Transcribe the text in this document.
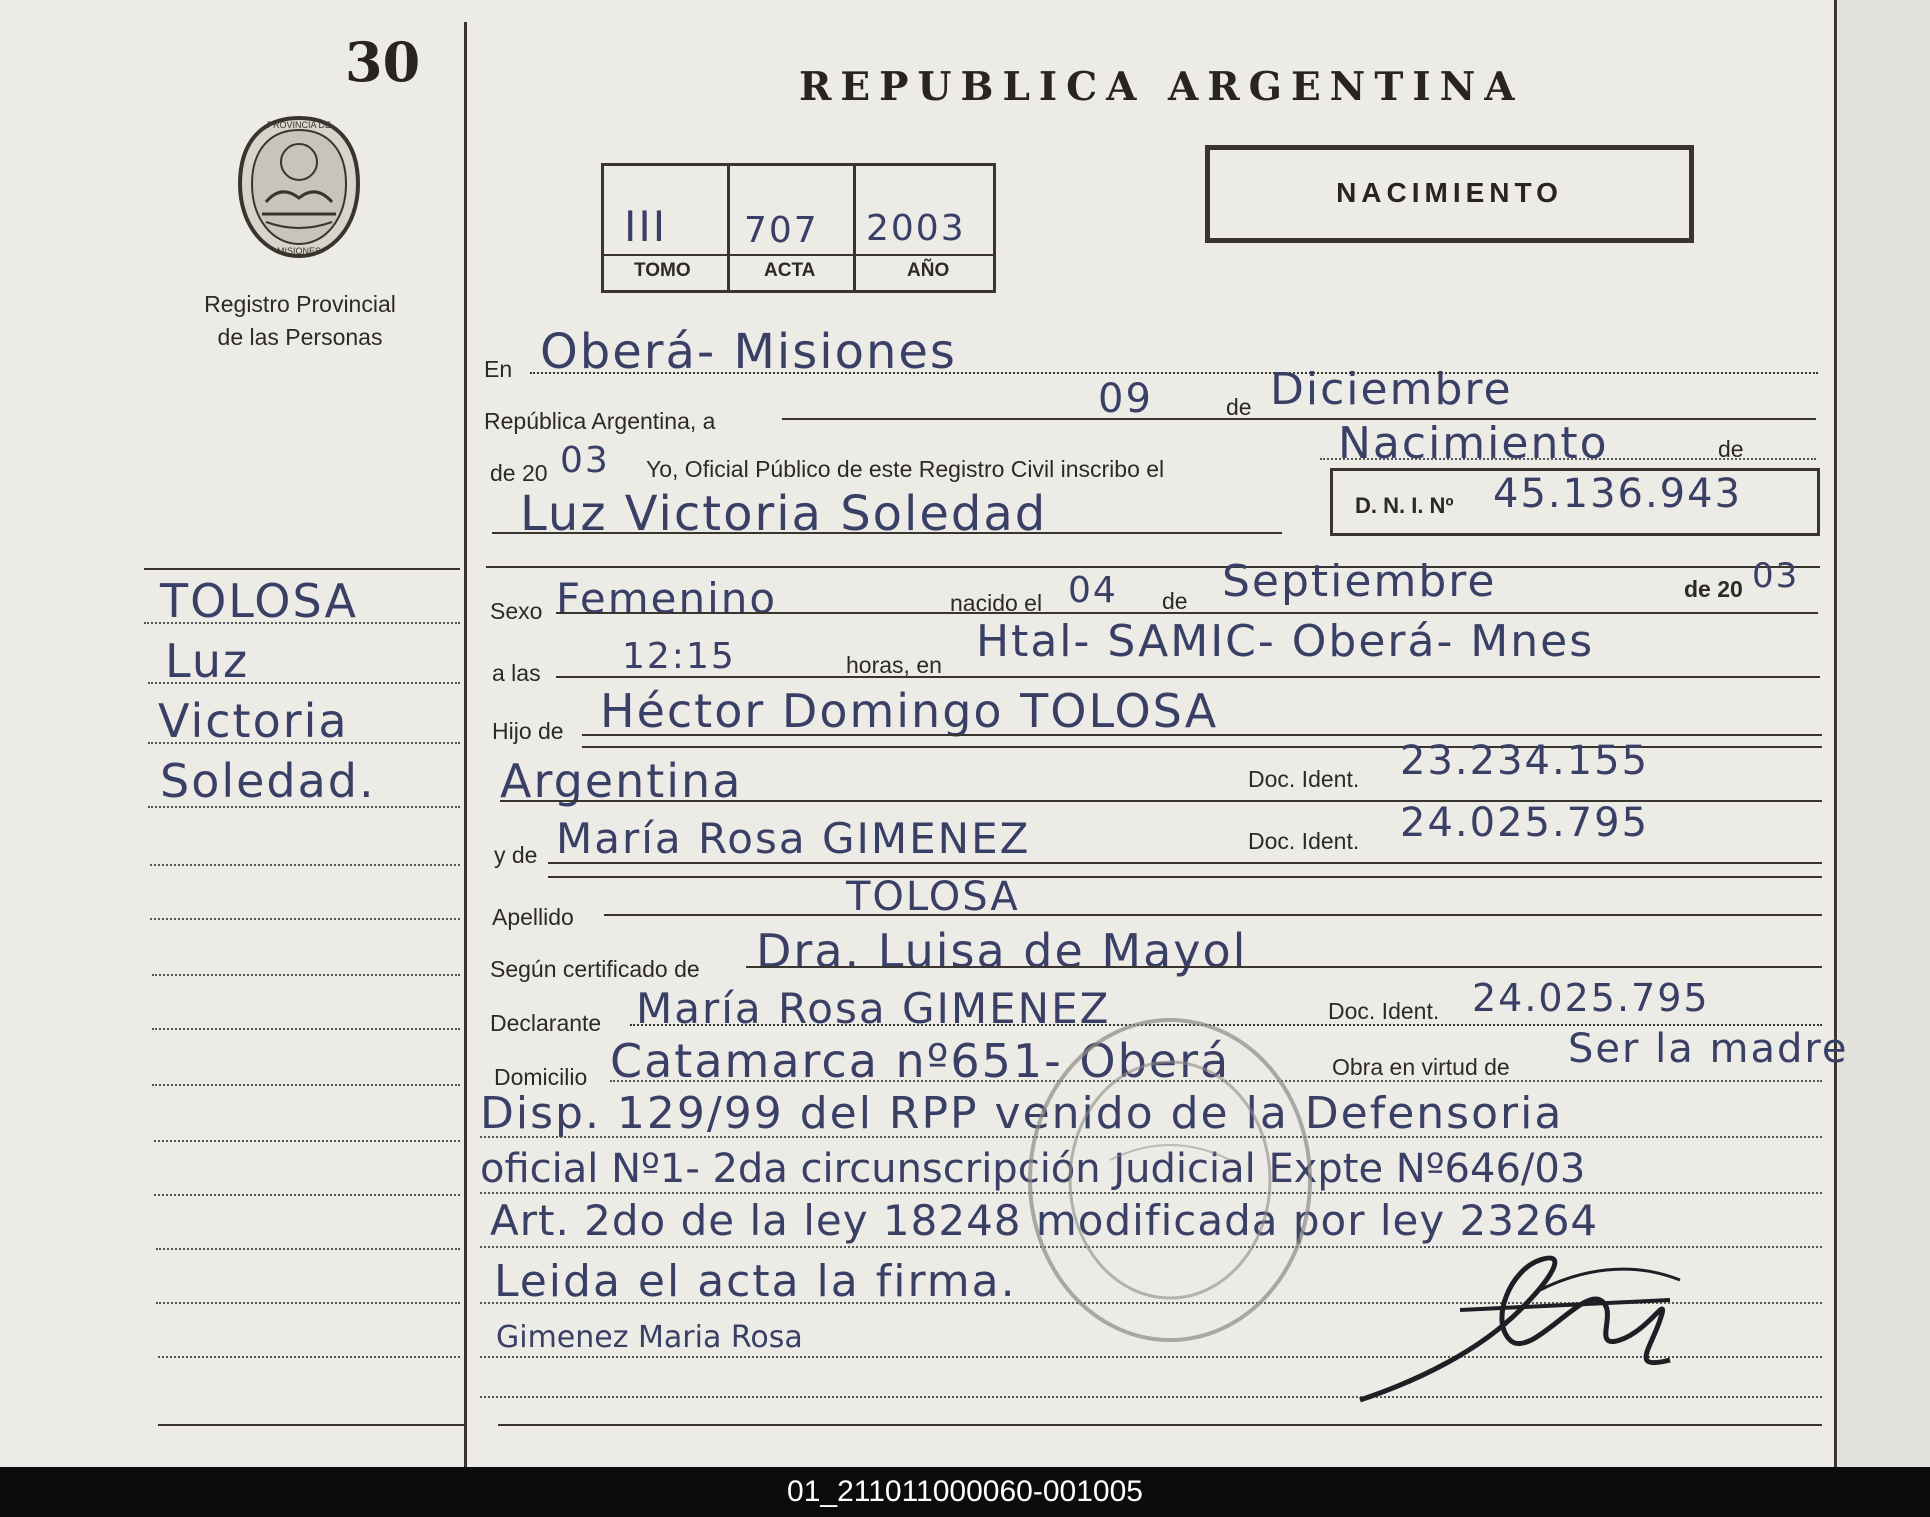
30
PROVINCIA DE
MISIONES
Registro Provincial
de las Personas
TOLOSA
Luz
Victoria
Soledad.
REPUBLICA ARGENTINA
III 707 2003
TOMO	ACTA	AÑO
NACIMIENTO
En Oberá- Misiones
República Argentina, a	09	de Diciembre
de 20 03 Yo, Oficial Público de este Registro Civil inscribo el	Nacimiento	de
Luz Victoria Soledad	D. N. I. Nº 45.136.943
Sexo Femenino	nacido el 04 de Septiembre	de 20 03
a las 12:15	horas, en Htal- SAMIC- Oberá- Mnes
Hijo de Héctor Domingo TOLOSA
Argentina	Doc. Ident. 23.234.155
y de María Rosa GIMENEZ	Doc. Ident. 24.025.795
Apellido	TOLOSA
Según certificado de Dra. Luisa de Mayol
Declarante María Rosa GIMENEZ	Doc. Ident. 24.025.795
Domicilio Catamarca nº651- Oberá	Obra en virtud de Ser la madre
Disp. 129/99 del RPP venido de la Defensoria
oficial Nº1- 2da circunscripción Judicial Expte Nº646/03
Art. 2do de la ley 18248 modificada por ley 23264
Leida el acta la firma.
Gimenez Maria Rosa
01_211011000060-001005
